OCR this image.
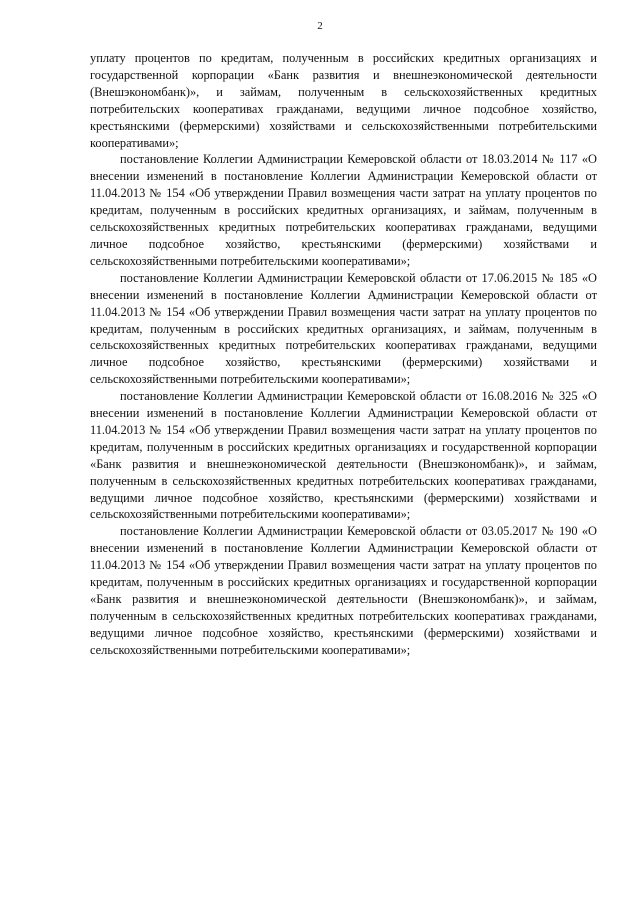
2

уплату процентов по кредитам, полученным в российских кредитных организациях и государственной корпорации «Банк развития и внешнеэкономической деятельности (Внешэкономбанк)», и займам, полученным в сельскохозяйственных кредитных потребительских кооперативах гражданами, ведущими личное подсобное хозяйство, крестьянскими (фермерскими) хозяйствами и сельскохозяйственными потребительскими кооперативами»;

постановление Коллегии Администрации Кемеровской области от 18.03.2014 № 117 «О внесении изменений в постановление Коллегии Администрации Кемеровской области от 11.04.2013 № 154 «Об утверждении Правил возмещения части затрат на уплату процентов по кредитам, полученным в российских кредитных организациях, и займам, полученным в сельскохозяйственных кредитных потребительских кооперативах гражданами, ведущими личное подсобное хозяйство, крестьянскими (фермерскими) хозяйствами и сельскохозяйственными потребительскими кооперативами»;

постановление Коллегии Администрации Кемеровской области от 17.06.2015 № 185 «О внесении изменений в постановление Коллегии Администрации Кемеровской области от 11.04.2013 № 154 «Об утверждении Правил возмещения части затрат на уплату процентов по кредитам, полученным в российских кредитных организациях, и займам, полученным в сельскохозяйственных кредитных потребительских кооперативах гражданами, ведущими личное подсобное хозяйство, крестьянскими (фермерскими) хозяйствами и сельскохозяйственными потребительскими кооперативами»;

постановление Коллегии Администрации Кемеровской области от 16.08.2016 № 325 «О внесении изменений в постановление Коллегии Администрации Кемеровской области от 11.04.2013 № 154 «Об утверждении Правил возмещения части затрат на уплату процентов по кредитам, полученным в российских кредитных организациях и государственной корпорации «Банк развития и внешнеэкономической деятельности (Внешэкономбанк)», и займам, полученным в сельскохозяйственных кредитных потребительских кооперативах гражданами, ведущими личное подсобное хозяйство, крестьянскими (фермерскими) хозяйствами и сельскохозяйственными потребительскими кооперативами»;

постановление Коллегии Администрации Кемеровской области от 03.05.2017 № 190 «О внесении изменений в постановление Коллегии Администрации Кемеровской области от 11.04.2013 № 154 «Об утверждении Правил возмещения части затрат на уплату процентов по кредитам, полученным в российских кредитных организациях и государственной корпорации «Банк развития и внешнеэкономической деятельности (Внешэкономбанк)», и займам, полученным в сельскохозяйственных кредитных потребительских кооперативах гражданами, ведущими личное подсобное хозяйство, крестьянскими (фермерскими) хозяйствами и сельскохозяйственными потребительскими кооперативами»;
